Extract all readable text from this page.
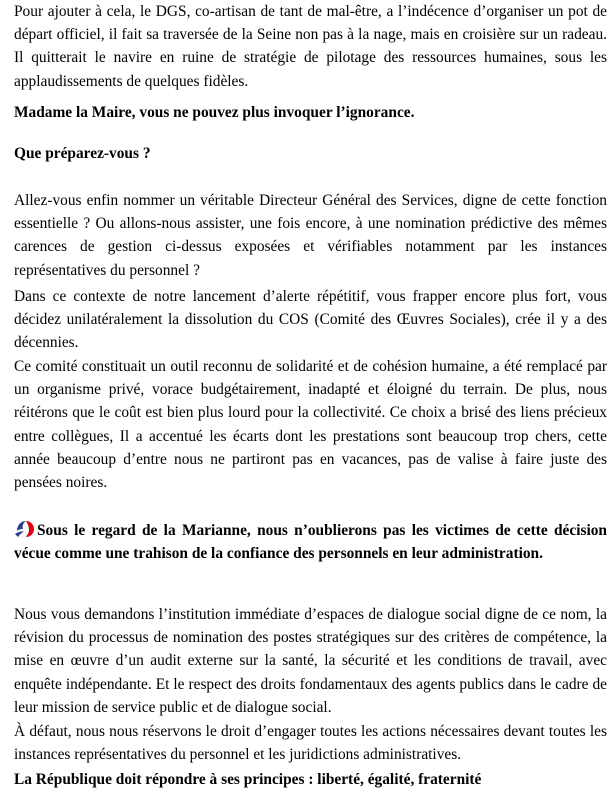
Pour ajouter à cela, le DGS, co-artisan de tant de mal-être, a l’indécence d’organiser un pot de départ officiel, il fait sa traversée de la Seine non pas à la nage, mais en croisière sur un radeau. Il quitterait le navire en ruine de stratégie de pilotage des ressources humaines, sous les applaudissements de quelques fidèles.

Madame la Maire, vous ne pouvez plus invoquer l’ignorance.

Que préparez-vous ?

Allez-vous enfin nommer un véritable Directeur Général des Services, digne de cette fonction essentielle ? Ou allons-nous assister, une fois encore, à une nomination prédictive des mêmes carences de gestion ci-dessus exposées et vérifiables notamment par les instances représentatives du personnel ?

Dans ce contexte de notre lancement d’alerte répétitif, vous frapper encore plus fort, vous décidez unilatéralement la dissolution du COS (Comité des Œuvres Sociales), crée il y a des décennies.

Ce comité constituait un outil reconnu de solidarité et de cohésion humaine, a été remplacé par un organisme privé, vorace budgétairement, inadapté et éloigné du terrain. De plus, nous réitérons que le coût est bien plus lourd pour la collectivité. Ce choix a brisé des liens précieux entre collègues, Il a accentué les écarts dont les prestations sont beaucoup trop chers, cette année beaucoup d’entre nous ne partiront pas en vacances, pas de valise à faire juste des pensées noires.

Sous le regard de la Marianne, nous n’oublierons pas les victimes de cette décision vécue comme une trahison de la confiance des personnels en leur administration.

Nous vous demandons l’institution immédiate d’espaces de dialogue social digne de ce nom, la révision du processus de nomination des postes stratégiques sur des critères de compétence, la mise en œuvre d’un audit externe sur la santé, la sécurité et les conditions de travail, avec enquête indépendante. Et le respect des droits fondamentaux des agents publics dans le cadre de leur mission de service public et de dialogue social.

À défaut, nous nous réservons le droit d’engager toutes les actions nécessaires devant toutes les instances représentatives du personnel et les juridictions administratives.

La République doit répondre à ses principes : liberté, égalité, fraternité
